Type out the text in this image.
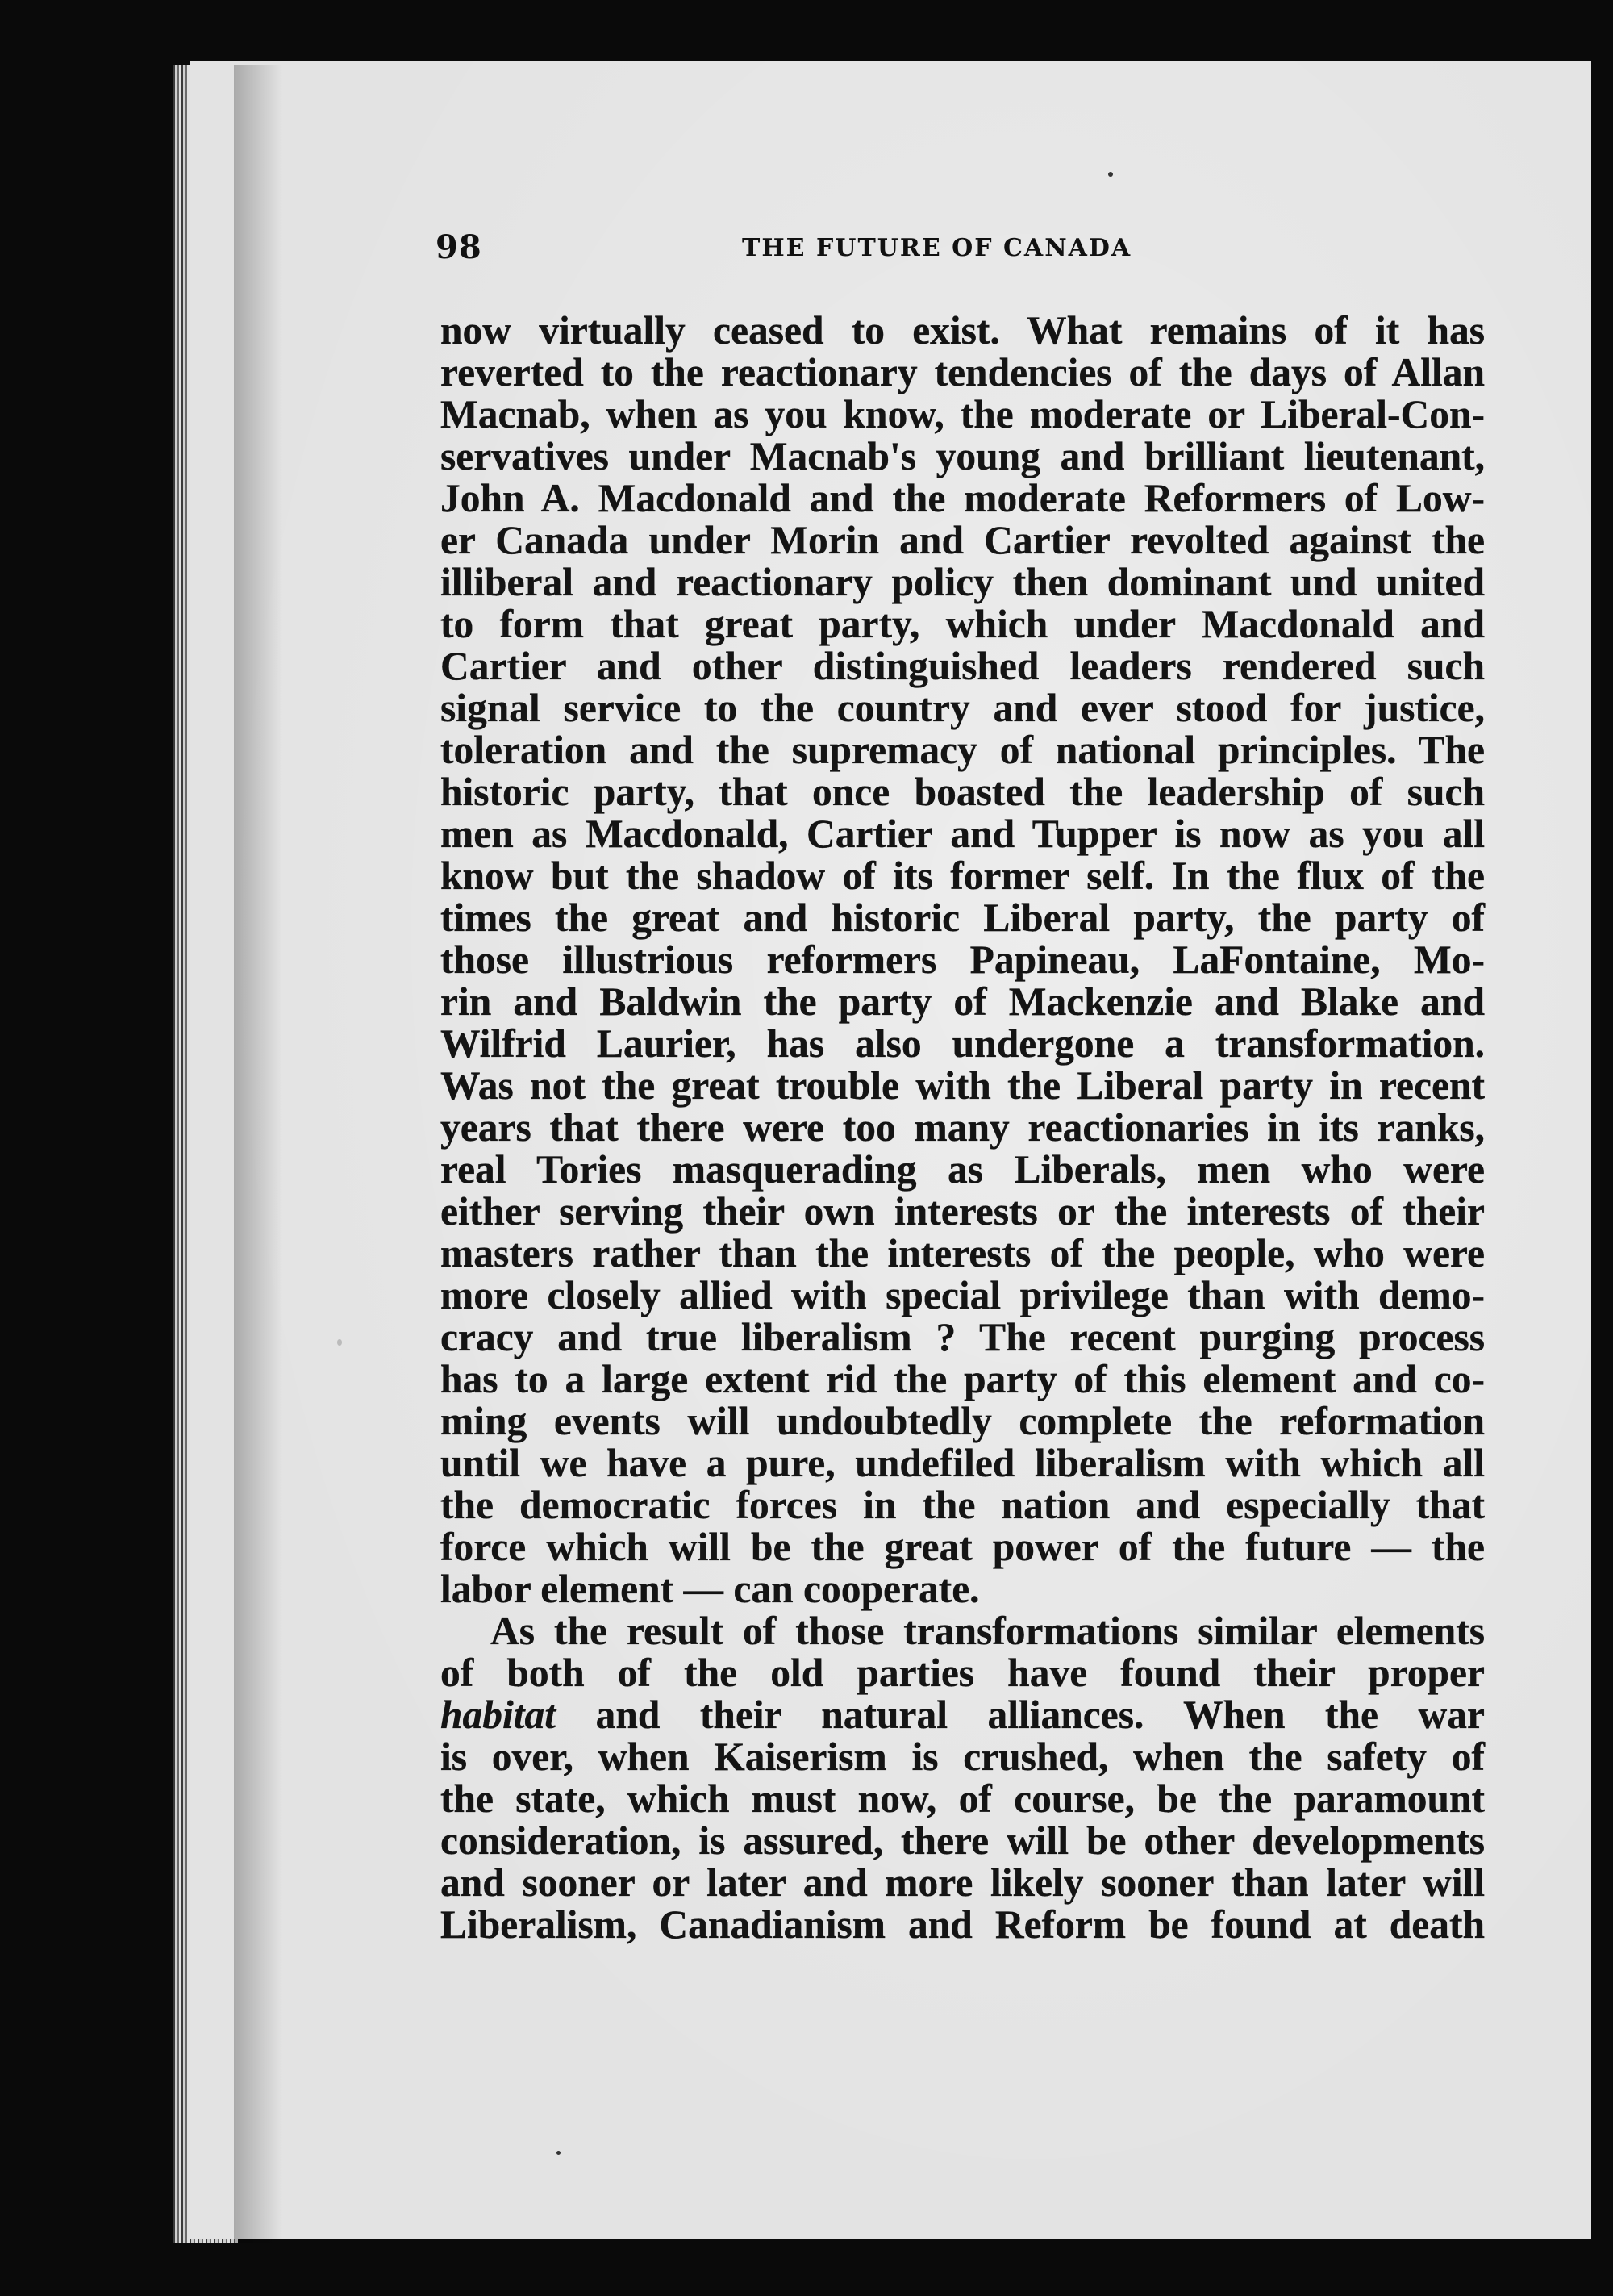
98	THE FUTURE OF CANADA
now virtually ceased to exist. What remains of it has
reverted to the reactionary tendencies of the days of Allan
Macnab, when as you know, the moderate or Liberal-Con-
servatives under Macnab's young and brilliant lieutenant,
John A. Macdonald and the moderate Reformers of Low-
er Canada under Morin and Cartier revolted against the
illiberal and reactionary policy then dominant und united
to form that great party, which under Macdonald and
Cartier and other distinguished leaders rendered such
signal service to the country and ever stood for justice,
toleration and the supremacy of national principles. The
historic party, that once boasted the leadership of such
men as Macdonald, Cartier and Tupper is now as you all
know but the shadow of its former self. In the flux of the
times the great and historic Liberal party, the party of
those illustrious reformers Papineau, LaFontaine, Mo-
rin and Baldwin the party of Mackenzie and Blake and
Wilfrid Laurier, has also undergone a transformation.
Was not the great trouble with the Liberal party in recent
years that there were too many reactionaries in its ranks,
real Tories masquerading as Liberals, men who were
either serving their own interests or the interests of their
masters rather than the interests of the people, who were
more closely allied with special privilege than with demo-
cracy and true liberalism ? The recent purging process
has to a large extent rid the party of this element and co-
ming events will undoubtedly complete the reformation
until we have a pure, undefiled liberalism with which all
the democratic forces in the nation and especially that
force which will be the great power of the future — the
labor element — can cooperate.
As the result of those transformations similar elements
of both of the old parties have found their proper
habitat and their natural alliances. When the war
is over, when Kaiserism is crushed, when the safety of
the state, which must now, of course, be the paramount
consideration, is assured, there will be other developments
and sooner or later and more likely sooner than later will
Liberalism, Canadianism and Reform be found at death
